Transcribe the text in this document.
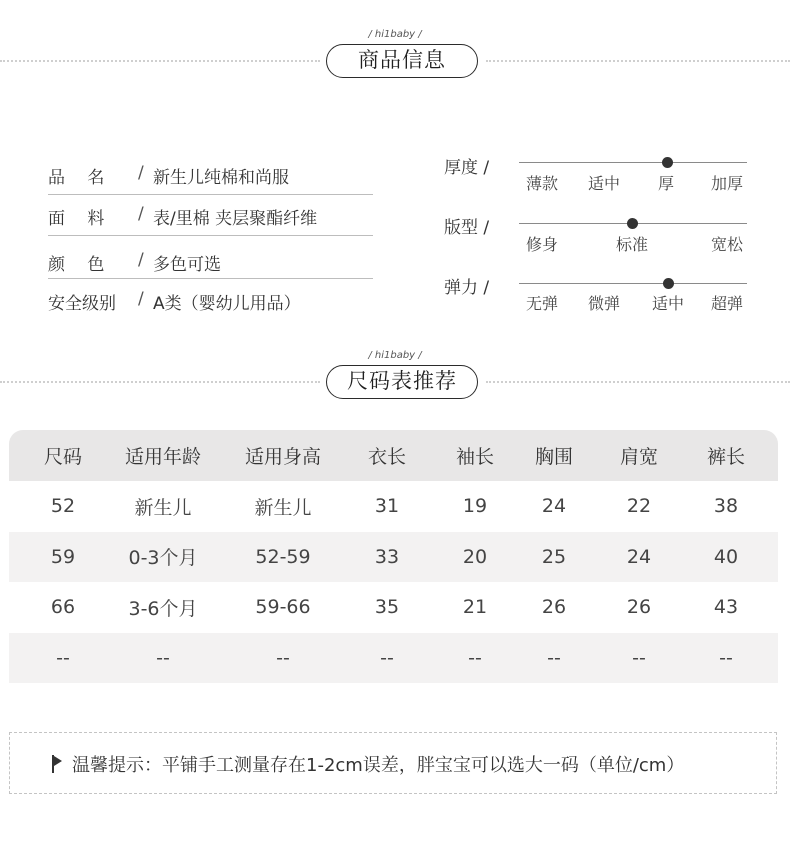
商品信息
/ hi1baby /
品　 名 / 新生儿纯棉和尚服
面　 料 / 表/里棉 夹层聚酯纤维
颜　 色 / 多色可选
安全级别 / A类（婴幼儿用品）
厚度 /
薄款 适中 厚 加厚
版型 /
修身	标准	宽松
弹力 /
无弹 微弹 适中 超弹
尺码表推荐
/ hi1baby /
尺码 适用年龄 适用身高 衣长	袖长 胸围 肩宽	裤长
52	新生儿	新生儿	31	19	24	22	38
59	0-3个月	52-59	33	20	25	24	40
66	3-6个月	59-66	35	21	26	26	43
--	--	--	--	--	--	--	--
温馨提示：平铺手工测量存在1-2cm误差，胖宝宝可以选大一码（单位/cm）
